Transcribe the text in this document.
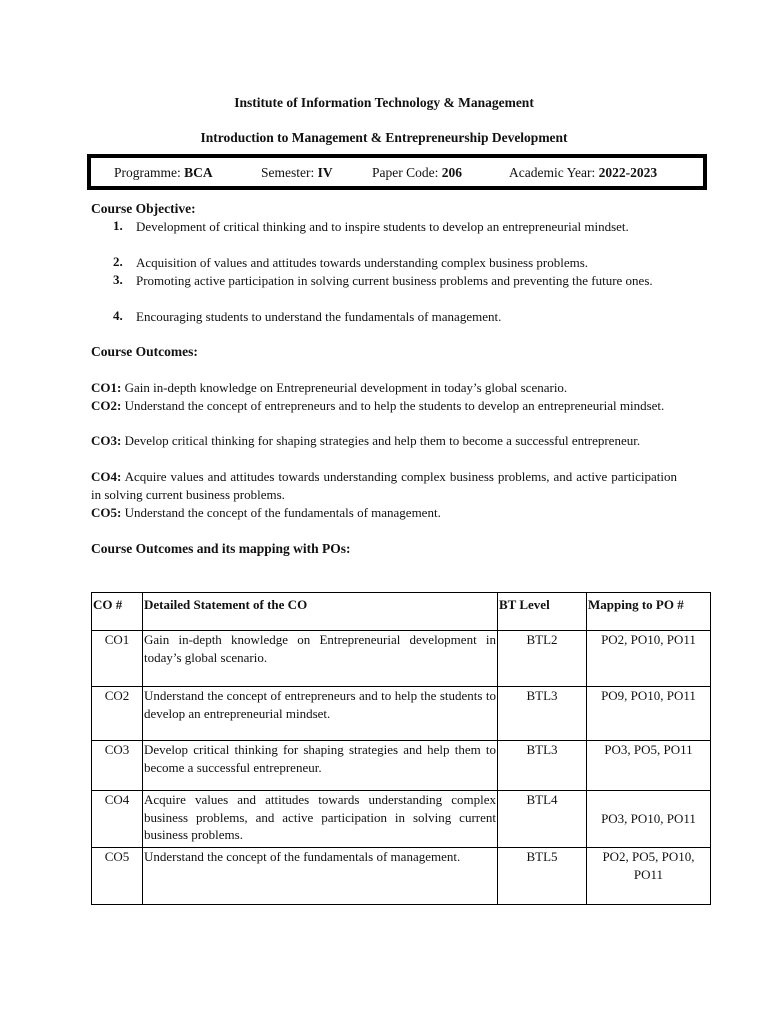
Institute of Information Technology & Management
Introduction to Management & Entrepreneurship Development
Programme: BCA	Semester: IV	Paper Code: 206	Academic Year: 2022-2023
Course Objective:
1. Development of critical thinking and to inspire students to develop an entrepreneurial mindset.
2. Acquisition of values and attitudes towards understanding complex business problems.
3. Promoting active participation in solving current business problems and preventing the future ones.
4. Encouraging students to understand the fundamentals of management.
Course Outcomes:
CO1: Gain in-depth knowledge on Entrepreneurial development in today’s global scenario.
CO2: Understand the concept of entrepreneurs and to help the students to develop an entrepreneurial mindset.
CO3: Develop critical thinking for shaping strategies and help them to become a successful entrepreneur.
CO4: Acquire values and attitudes towards understanding complex business problems, and active participation in solving current business problems.
CO5: Understand the concept of the fundamentals of management.
Course Outcomes and its mapping with POs:
CO #	Detailed Statement of the CO	BT Level	Mapping to PO #
CO1	Gain in-depth knowledge on Entrepreneurial development in today’s global scenario.	BTL2	PO2, PO10, PO11
CO2	Understand the concept of entrepreneurs and to help the students to develop an entrepreneurial mindset.	BTL3	PO9, PO10, PO11
CO3	Develop critical thinking for shaping strategies and help them to become a successful entrepreneur.	BTL3	PO3, PO5, PO11
CO4	Acquire values and attitudes towards understanding complex business problems, and active participation in solving current business problems.	BTL4	PO3, PO10, PO11
CO5	Understand the concept of the fundamentals of management.	BTL5	PO2, PO5, PO10, PO11
